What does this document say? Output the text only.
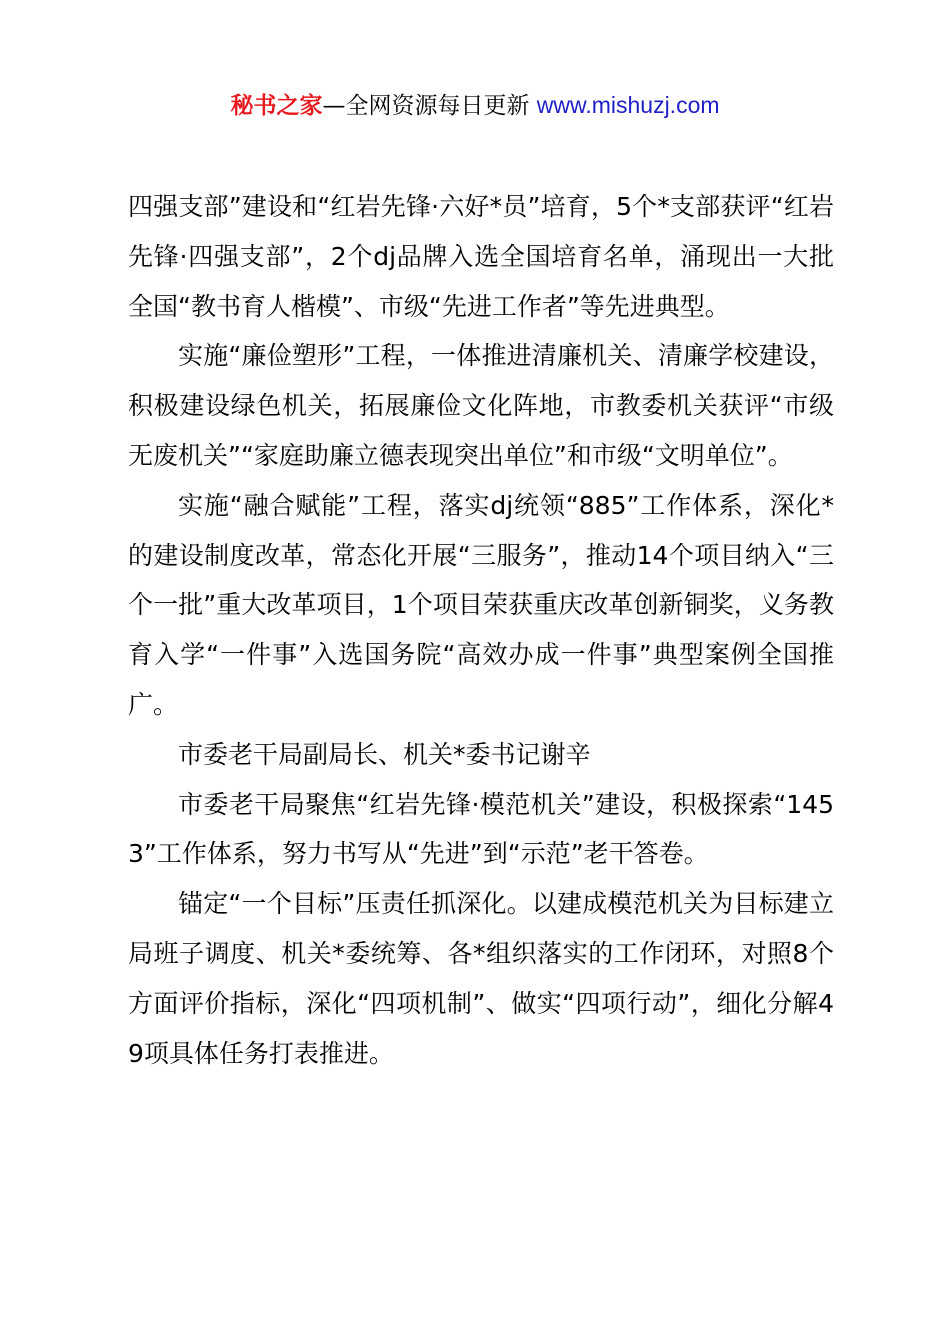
秘书之家—全网资源每日更新 www.mishuzj.com

四强支部”建设和“红岩先锋·六好*员”培育，5个*支部获评“红岩先锋·四强支部”，2个dj品牌入选全国培育名单，涌现出一大批全国“教书育人楷模”、市级“先进工作者”等先进典型。

实施“廉俭塑形”工程，一体推进清廉机关、清廉学校建设，积极建设绿色机关，拓展廉俭文化阵地，市教委机关获评“市级无废机关”“家庭助廉立德表现突出单位”和市级“文明单位”。

实施“融合赋能”工程，落实dj统领“885”工作体系，深化*的建设制度改革，常态化开展“三服务”，推动14个项目纳入“三个一批”重大改革项目，1个项目荣获重庆改革创新铜奖，义务教育入学“一件事”入选国务院“高效办成一件事”典型案例全国推广。

市委老干局副局长、机关*委书记谢辛

市委老干局聚焦“红岩先锋·模范机关”建设，积极探索“1453”工作体系，努力书写从“先进”到“示范”老干答卷。

锚定“一个目标”压责任抓深化。以建成模范机关为目标建立局班子调度、机关*委统筹、各*组织落实的工作闭环，对照8个方面评价指标，深化“四项机制”、做实“四项行动”，细化分解49项具体任务打表推进。
